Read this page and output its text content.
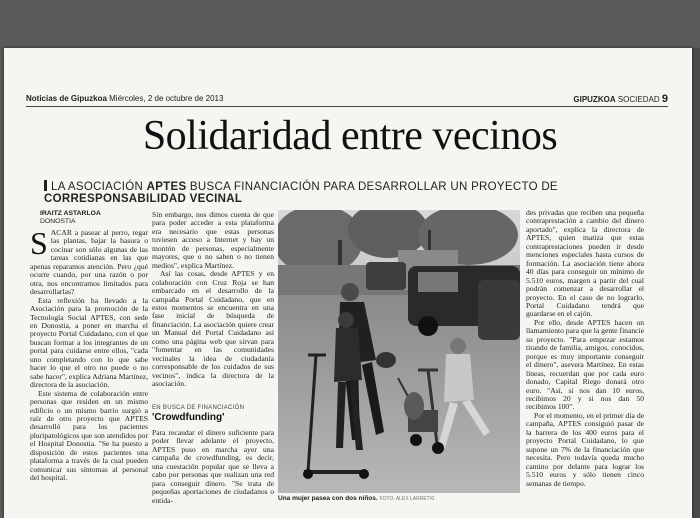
Noticias de Gipuzkoa Miércoles, 2 de octubre de 2013	GIPUZKOA SOCIEDAD 9
Solidaridad entre vecinos
LA ASOCIACIÓN APTES BUSCA FINANCIACIÓN PARA DESARROLLAR UN PROYECTO DE CORRESPONSABILIDAD VECINAL
IRAITZ ASTARLOA
DONOSTIA

SACAR a pasear al perro, regar las plantas, bajar la basura o cocinar son sólo algunas de las tareas cotidianas en las que apenas reparamos atención. Pero ¿qué ocurre cuando, por una razón o por otra, nos encontramos limitados para desarrollarlas?

Esta reflexión ha llevado a la Asociación para la promoción de la Tecnología Social APTES, con sede en Donostia, a poner en marcha el proyecto Portal Cuidadano, con el que buscan formar a los integrantes de un portal para cuidarse entre ellos, "cada uno completando con lo que sabe hacer lo que el otro no puede o no sabe hacer", explica Adriana Martínez, directora de la asociación.

Este sistema de colaboración entre personas que residen en un mismo edificio o un mismo barrio surgió a raíz de otro proyecto que APTES desarrolló para los pacientes pluripatológicos que son atendidos por el Hospital Donostia. "Se ha puesto a disposición de estos pacientes una plataforma a través de la cual pueden comunicar sus síntomas al personal del hospital.

Sin embargo, nos dimos cuenta de que para poder acceder a esta plataforma era necesario que estas personas tuviesen acceso a Internet y hay un montón de personas, especialmente mayores, que o no saben o no tienen medios", explica Martínez.

Así las cosas, desde APTES y en colaboración con Cruz Roja se han embarcado en el desarrollo de la campaña Portal Cuidadano, que en estos momentos se encuentra en una fase inicial de búsqueda de financiación. La asociación quiere crear un Manual del Portal Cuidadano así como una página web que sirvan para "fomentar en las comunidades vecinales la idea de ciudadanía corresponsable de los cuidados de sus vecinos", indica la directora de la asociación.

EN BUSCA DE FINANCIACIÓN
'Crowdfunding'

Para recaudar el dinero suficiente para poder llevar adelante el proyecto, APTES puso en marcha ayer una campaña de crowdfunding, es decir, una cuestación popular que se lleva a cabo por personas que realizan una red para conseguir dinero. "Se trata de pequeñas aportaciones de ciudadanos o entida-	Una mujer pasea con dos niños. FOTO: ALEX LARRETXI

des privadas que reciben una pequeña contraprestación a cambio del dinero aportado", explica la directora de APTES, quien matiza que estas contraprestaciones pueden ir desde menciones especiales hasta cursos de formación. La asociación tiene ahora 40 días para conseguir un mínimo de 5.510 euros, margen a partir del cual podrán comenzar a desarrollar el proyecto. En el caso de no lograrlo, Portal Cuidadano tendrá que guardarse en el cajón.

Por ello, desde APTES hacen un llamamiento para que la gente financie su proyecto. "Para empezar estamos tirando de familia, amigos, conocidos, porque es muy importante conseguir el dinero", asevera Martínez. En estas líneas, recuerdan que por cada euro donado, Capital Riego donará otro euro. "Así, si nos dan 10 euros, recibimos 20 y si nos dan 50 recibimos 100".

Por el momento, en el primer día de campaña, APTES consiguió pasar de la barrera de los 400 euros para el proyecto Portal Cuidadano, lo que supone un 7% de la financiación que necesita. Pero todavía queda mucho camino por delante para lograr los 5.510 euros y sólo tienen cinco semanas de tiempo.
